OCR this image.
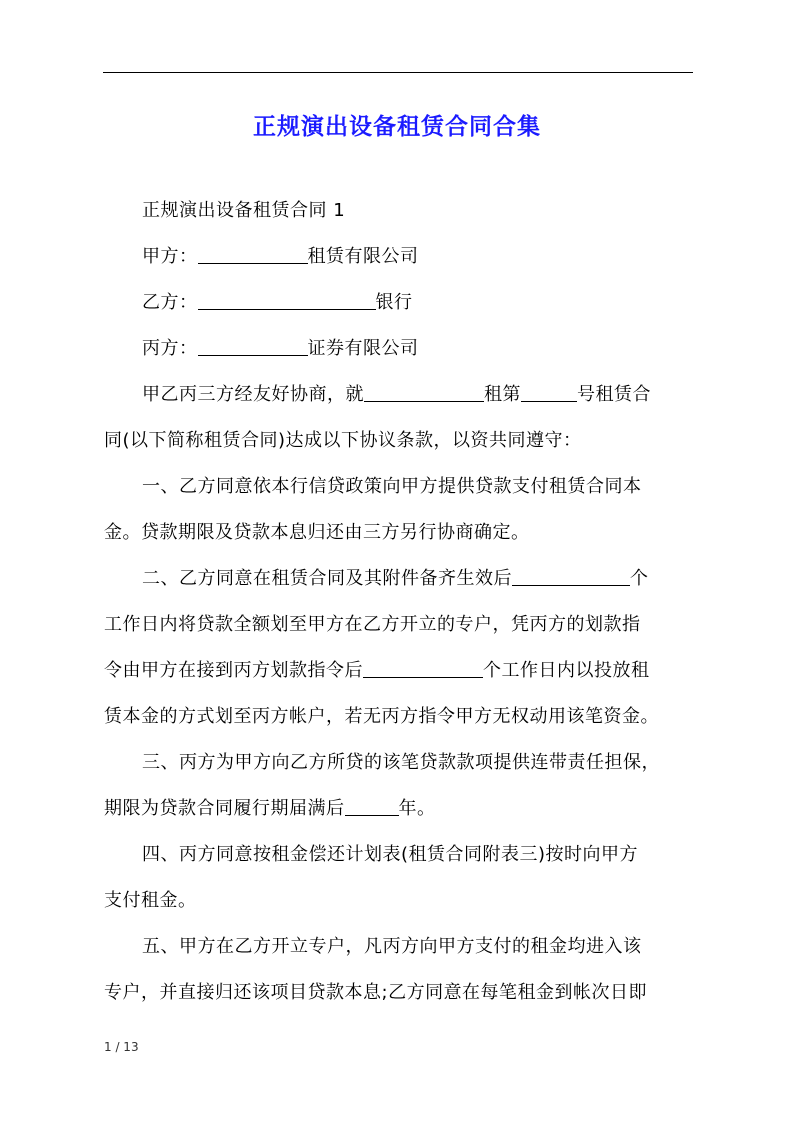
正规演出设备租赁合同合集
正规演出设备租赁合同 1
甲方：	租赁有限公司
乙方：	银行
丙方：	证券有限公司
甲乙丙三方经友好协商，就	租第	号租赁合
同(以下简称租赁合同)达成以下协议条款，以资共同遵守：
一、乙方同意依本行信贷政策向甲方提供贷款支付租赁合同本
金。贷款期限及贷款本息归还由三方另行协商确定。
二、乙方同意在租赁合同及其附件备齐生效后	个
工作日内将贷款全额划至甲方在乙方开立的专户，凭丙方的划款指
令由甲方在接到丙方划款指令后	个工作日内以投放租
赁本金的方式划至丙方帐户，若无丙方指令甲方无权动用该笔资金。
三、丙方为甲方向乙方所贷的该笔贷款款项提供连带责任担保，
期限为贷款合同履行期届满后	年。
四、丙方同意按租金偿还计划表(租赁合同附表三)按时向甲方
支付租金。
五、甲方在乙方开立专户，凡丙方向甲方支付的租金均进入该
专户，并直接归还该项目贷款本息;乙方同意在每笔租金到帐次日即
1 / 13
